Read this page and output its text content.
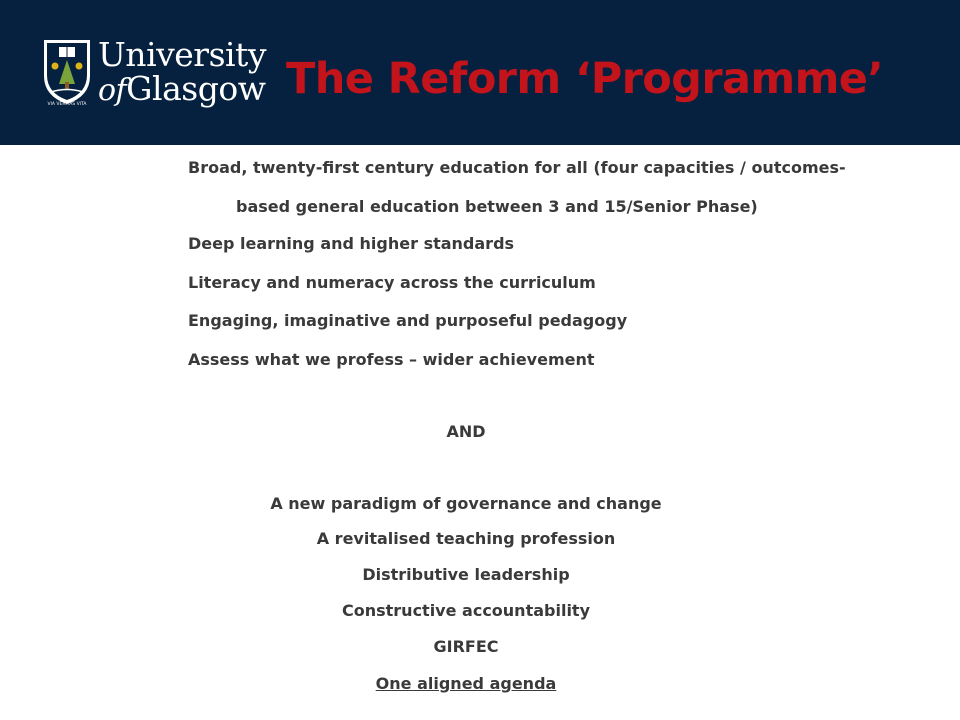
VIA VERITAS VITA
University
ofGlasgow The Reform ‘Programme’
Broad, twenty-first century education for all (four capacities / outcomes-
based general education between 3 and 15/Senior Phase)
Deep learning and higher standards
Literacy and numeracy across the curriculum
Engaging, imaginative and purposeful pedagogy
Assess what we profess – wider achievement
AND
A new paradigm of governance and change
A revitalised teaching profession
Distributive leadership
Constructive accountability
GIRFEC
One aligned agenda
